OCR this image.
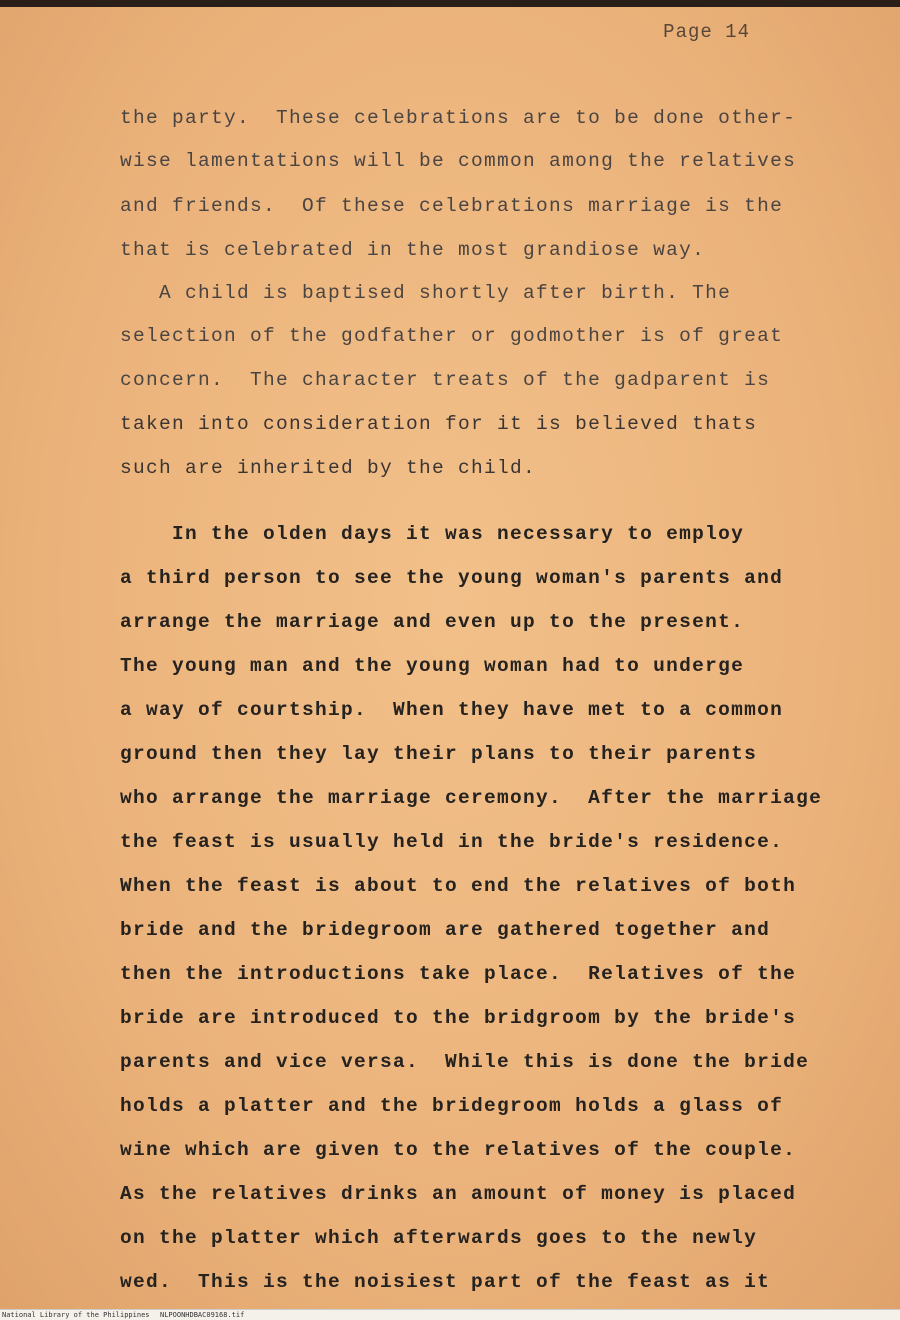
Page 14
the party.  These celebrations are to be done other-
wise lamentations will be common among the relatives
and friends.  Of these celebrations marriage is the
that is celebrated in the most grandiose way.
A child is baptised shortly after birth. The
selection of the godfather or godmother is of great
concern.  The character treats of the gadparent is
taken into consideration for it is believed thats
such are inherited by the child.
In the olden days it was necessary to employ
a third person to see the young woman's parents and
arrange the marriage and even up to the present.
The young man and the young woman had to underge
a way of courtship.  When they have met to a common
ground then they lay their plans to their parents
who arrange the marriage ceremony.  After the marriage
the feast is usually held in the bride's residence.
When the feast is about to end the relatives of both
bride and the bridegroom are gathered together and
then the introductions take place.  Relatives of the
bride are introduced to the bridgroom by the bride's
parents and vice versa.  While this is done the bride
holds a platter and the bridegroom holds a glass of
wine which are given to the relatives of the couple.
As the relatives drinks an amount of money is placed
on the platter which afterwards goes to the newly
wed.  This is the noisiest part of the feast as it
National Library of the Philippines NLPOONHDBAC09168.tif
